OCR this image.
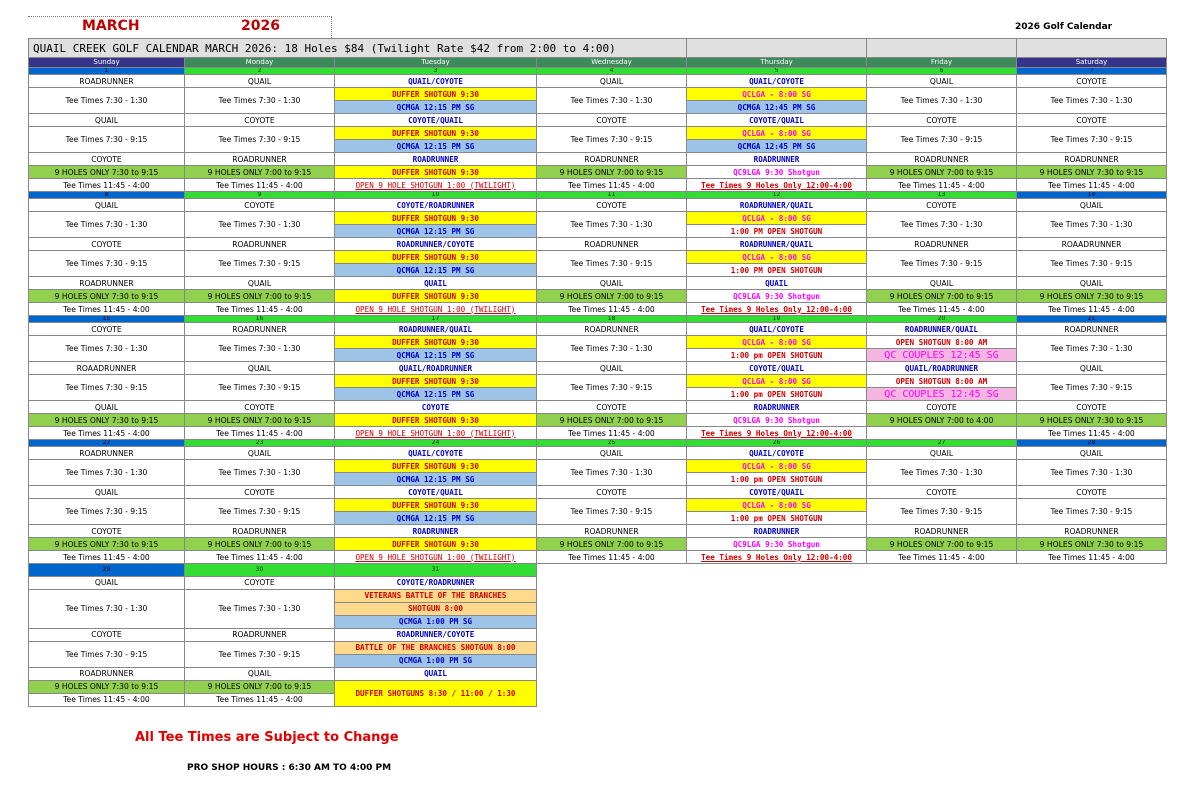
MARCH	2026	2026 Golf Calendar
QUAIL CREEK GOLF CALENDAR MARCH 2026: 18 Holes $84 (Twilight Rate $42 from 2:00 to 4:00)						
Sunday	Monday	Tuesday	Wednesday	Thursday	Friday	Saturday
1	2	3	4	5	6	7
ROADRUNNER	QUAIL	QUAIL/COYOTE	QUAIL	QUAIL/COYOTE	QUAIL	COYOTE
Tee Times 7:30 - 1:30	Tee Times 7:30 - 1:30	DUFFER SHOTGUN 9:30	Tee Times 7:30 - 1:30	QCLGA - 8:00 SG	Tee Times 7:30 - 1:30	Tee Times 7:30 - 1:30
		QCMGA 12:15 PM SG		QCMGA 12:45 PM SG		
QUAIL	COYOTE	COYOTE/QUAIL	COYOTE	COYOTE/QUAIL	COYOTE	COYOTE
Tee Times 7:30 - 9:15	Tee Times 7:30 - 9:15	DUFFER SHOTGUN 9:30	Tee Times 7:30 - 9:15	QCLGA - 8:00 SG	Tee Times 7:30 - 9:15	Tee Times 7:30 - 9:15
		QCMGA 12:15 PM SG		QCMGA 12:45 PM SG		
COYOTE	ROADRUNNER	ROADRUNNER	ROADRUNNER	ROADRUNNER	ROADRUNNER	ROADRUNNER
9 HOLES ONLY 7:30 to 9:15	9 HOLES ONLY 7:00 to 9:15	DUFFER SHOTGUN 9:30	9 HOLES ONLY 7:00 to 9:15	QC9LGA 9:30 Shotgun	9 HOLES ONLY 7:00 to 9:15	9 HOLES ONLY 7:30 to 9:15
Tee Times 11:45 - 4:00	Tee Times 11:45 - 4:00	OPEN 9 HOLE SHOTGUN 1:00 (TWILIGHT)	Tee Times 11:45 - 4:00	Tee Times 9 Holes Only 12:00-4:00	Tee Times 11:45 - 4:00	Tee Times 11:45 - 4:00
8	9	10	11	12	13	14
QUAIL	COYOTE	COYOTE/ROADRUNNER	COYOTE	ROADRUNNER/QUAIL	COYOTE	QUAIL
Tee Times 7:30 - 1:30	Tee Times 7:30 - 1:30	DUFFER SHOTGUN 9:30	Tee Times 7:30 - 1:30	QCLGA - 8:00 SG	Tee Times 7:30 - 1:30	Tee Times 7:30 - 1:30
		QCMGA 12:15 PM SG		1:00 PM OPEN SHOTGUN		
COYOTE	ROADRUNNER	ROADRUNNER/COYOTE	ROADRUNNER	ROADRUNNER/QUAIL	ROADRUNNER	ROAADRUNNER
Tee Times 7:30 - 9:15	Tee Times 7:30 - 9:15	DUFFER SHOTGUN 9:30	Tee Times 7:30 - 9:15	QCLGA - 8:00 SG	Tee Times 7:30 - 9:15	Tee Times 7:30 - 9:15
		QCMGA 12:15 PM SG		1:00 PM OPEN SHOTGUN		
ROADRUNNER	QUAIL	QUAIL	QUAIL	QUAIL	QUAIL	QUAIL
9 HOLES ONLY 7:30 to 9:15	9 HOLES ONLY 7:00 to 9:15	DUFFER SHOTGUN 9:30	9 HOLES ONLY 7:00 to 9:15	QC9LGA 9:30 Shotgun	9 HOLES ONLY 7:00 to 9:15	9 HOLES ONLY 7:30 to 9:15
Tee Times 11:45 - 4:00	Tee Times 11:45 - 4:00	OPEN 9 HOLE SHOTGUN 1:00 (TWILIGHT)	Tee Times 11:45 - 4:00	Tee Times 9 Holes Only 12:00-4:00	Tee Times 11:45 - 4:00	Tee Times 11:45 - 4:00
15	16	17	18	19	20	21
COYOTE	ROADRUNNER	ROADRUNNER/QUAIL	ROADRUNNER	QUAIL/COYOTE	ROADRUNNER/QUAIL	ROADRUNNER
Tee Times 7:30 - 1:30	Tee Times 7:30 - 1:30	DUFFER SHOTGUN 9:30	Tee Times 7:30 - 1:30	QCLGA - 8:00 SG	OPEN SHOTGUN 8:00 AM	Tee Times 7:30 - 1:30
		QCMGA 12:15 PM SG		1:00 pm OPEN SHOTGUN	QC COUPLES 12:45 SG	
ROAADRUNNER	QUAIL	QUAIL/ROADRUNNER	QUAIL	COYOTE/QUAIL	QUAIL/ROADRUNNER	QUAIL
Tee Times 7:30 - 9:15	Tee Times 7:30 - 9:15	DUFFER SHOTGUN 9:30	Tee Times 7:30 - 9:15	QCLGA - 8:00 SG	OPEN SHOTGUN 8:00 AM	Tee Times 7:30 - 9:15
		QCMGA 12:15 PM SG		1:00 pm OPEN SHOTGUN	QC COUPLES 12:45 SG	
QUAIL	COYOTE	COYOTE	COYOTE	ROADRUNNER	COYOTE	COYOTE
9 HOLES ONLY 7:30 to 9:15	9 HOLES ONLY 7:00 to 9:15	DUFFER SHOTGUN 9:30	9 HOLES ONLY 7:00 to 9:15	QC9LGA 9:30 Shotgun	9 HOLES ONLY 7:00 to 4:00	9 HOLES ONLY 7:30 to 9:15
Tee Times 11:45 - 4:00	Tee Times 11:45 - 4:00	OPEN 9 HOLE SHOTGUN 1:00 (TWILIGHT)	Tee Times 11:45 - 4:00	Tee Times 9 Holes Only 12:00-4:00		Tee Times 11:45 - 4:00
22	23	24	25	26	27	28
ROADRUNNER	QUAIL	QUAIL/COYOTE	QUAIL	QUAIL/COYOTE	QUAIL	QUAIL
Tee Times 7:30 - 1:30	Tee Times 7:30 - 1:30	DUFFER SHOTGUN 9:30	Tee Times 7:30 - 1:30	QCLGA - 8:00 SG	Tee Times 7:30 - 1:30	Tee Times 7:30 - 1:30
		QCMGA 12:15 PM SG		1:00 pm OPEN SHOTGUN		
QUAIL	COYOTE	COYOTE/QUAIL	COYOTE	COYOTE/QUAIL	COYOTE	COYOTE
Tee Times 7:30 - 9:15	Tee Times 7:30 - 9:15	DUFFER SHOTGUN 9:30	Tee Times 7:30 - 9:15	QCLGA - 8:00 SG	Tee Times 7:30 - 9:15	Tee Times 7:30 - 9:15
		QCMGA 12:15 PM SG		1:00 pm OPEN SHOTGUN		
COYOTE	ROADRUNNER	ROADRUNNER	ROADRUNNER	ROADRUNNER	ROADRUNNER	ROADRUNNER
9 HOLES ONLY 7:30 to 9:15	9 HOLES ONLY 7:00 to 9:15	DUFFER SHOTGUN 9:30	9 HOLES ONLY 7:00 to 9:15	QC9LGA 9:30 Shotgun	9 HOLES ONLY 7:00 to 9:15	9 HOLES ONLY 7:30 to 9:15
Tee Times 11:45 - 4:00	Tee Times 11:45 - 4:00	OPEN 9 HOLE SHOTGUN 1:00 (TWILIGHT)	Tee Times 11:45 - 4:00	Tee Times 9 Holes Only 12:00-4:00	Tee Times 11:45 - 4:00	Tee Times 11:45 - 4:00
29	30	31				
QUAIL	COYOTE	COYOTE/ROADRUNNER				
Tee Times 7:30 - 1:30	Tee Times 7:30 - 1:30	VETERANS BATTLE OF THE BRANCHES				
		SHOTGUN 8:00				
		QCMGA 1:00 PM SG				
COYOTE	ROADRUNNER	ROADRUNNER/COYOTE				
Tee Times 7:30 - 9:15	Tee Times 7:30 - 9:15	BATTLE OF THE BRANCHES SHOTGUN 8:00				
		QCMGA 1:00 PM SG				
ROADRUNNER	QUAIL	QUAIL				
9 HOLES ONLY 7:30 to 9:15	9 HOLES ONLY 7:00 to 9:15	DUFFER SHOTGUNS 8:30 / 11:00 / 1:30				
Tee Times 11:45 - 4:00	Tee Times 11:45 - 4:00					
All Tee Times are Subject to Change
PRO SHOP HOURS : 6:30 AM TO 4:00 PM
